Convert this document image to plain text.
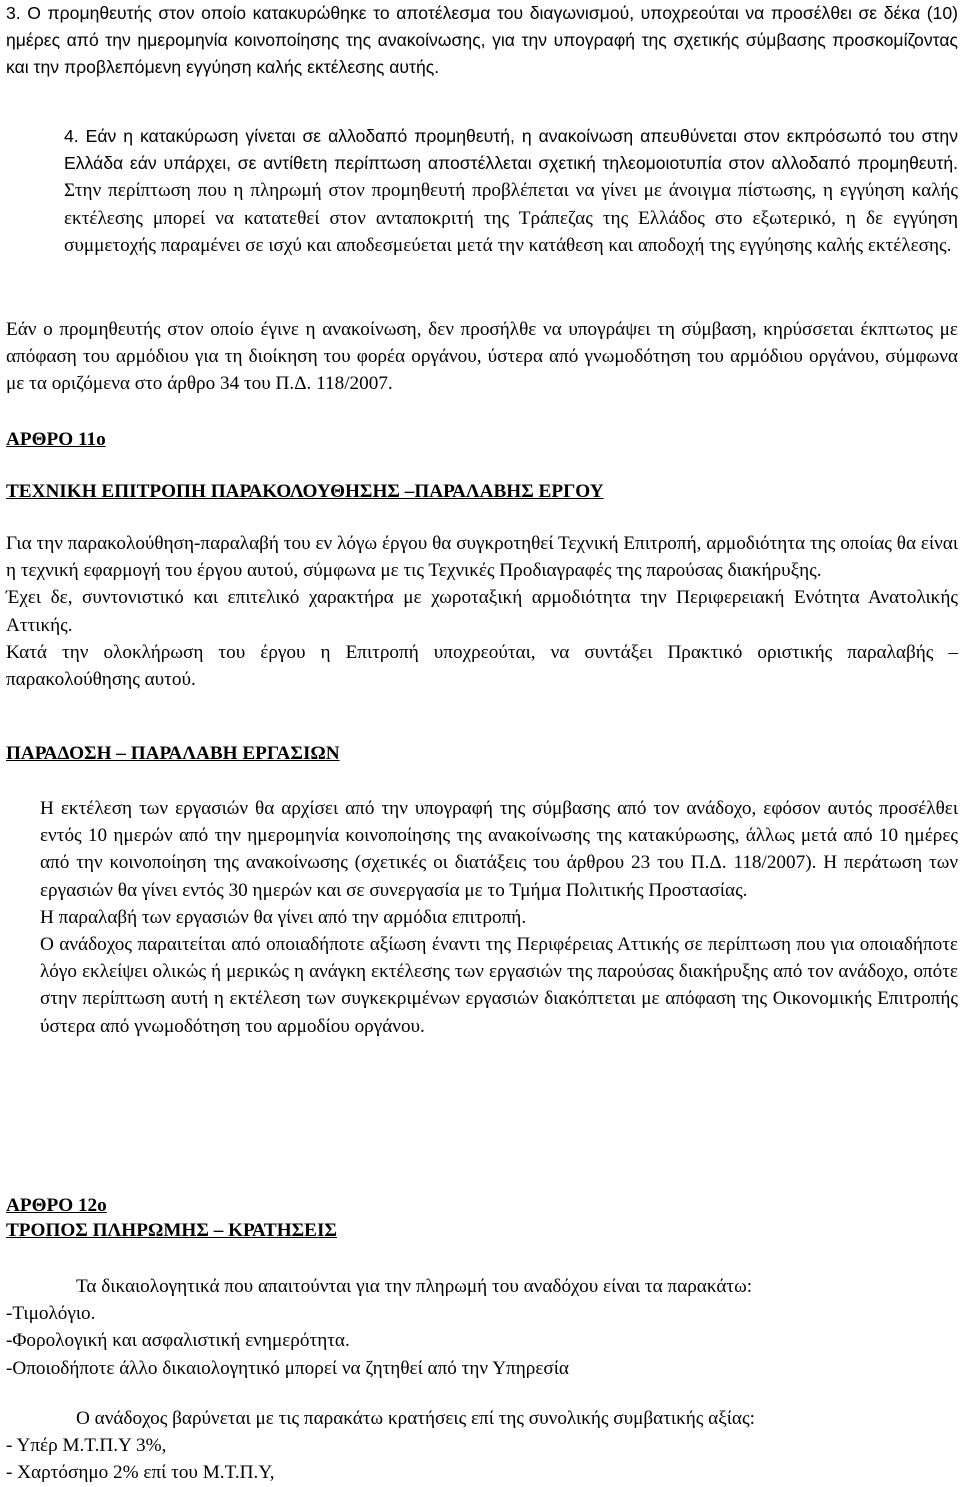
3. Ο προμηθευτής στον οποίο κατακυρώθηκε το αποτέλεσμα του διαγωνισμού, υποχρεούται να προσέλθει σε δέκα (10) ημέρες από την ημερομηνία κοινοποίησης της ανακοίνωσης, για την υπογραφή της σχετικής σύμβασης προσκομίζοντας και την προβλεπόμενη εγγύηση καλής εκτέλεσης αυτής.

4. Εάν η κατακύρωση γίνεται σε αλλοδαπό προμηθευτή, η ανακοίνωση απευθύνεται στον εκπρόσωπό του στην Ελλάδα εάν υπάρχει, σε αντίθετη περίπτωση αποστέλλεται σχετική τηλεομοιοτυπία στον αλλοδαπό προμηθευτή. Στην περίπτωση που η πληρωμή στον προμηθευτή προβλέπεται να γίνει με άνοιγμα πίστωσης, η εγγύηση καλής εκτέλεσης μπορεί να κατατεθεί στον ανταποκριτή της Τράπεζας της Ελλάδος στο εξωτερικό, η δε εγγύηση συμμετοχής παραμένει σε ισχύ και αποδεσμεύεται μετά την κατάθεση και αποδοχή της εγγύησης καλής εκτέλεσης.

Εάν ο προμηθευτής στον οποίο έγινε η ανακοίνωση, δεν προσήλθε να υπογράψει τη σύμβαση, κηρύσσεται έκπτωτος με απόφαση του αρμόδιου για τη διοίκηση του φορέα οργάνου, ύστερα από γνωμοδότηση του αρμόδιου οργάνου, σύμφωνα με τα οριζόμενα στο άρθρο 34 του Π.Δ. 118/2007.

ΑΡΘΡΟ 11ο
ΤΕΧΝΙΚΗ ΕΠΙΤΡΟΠΗ ΠΑΡΑΚΟΛΟΥΘΗΣΗΣ –ΠΑΡΑΛΑΒΗΣ ΕΡΓΟΥ

Για την παρακολούθηση-παραλαβή του εν λόγω έργου θα συγκροτηθεί Τεχνική Επιτροπή, αρμοδιότητα της οποίας θα είναι η τεχνική εφαρμογή του έργου αυτού, σύμφωνα με τις Τεχνικές Προδιαγραφές της παρούσας διακήρυξης.

Έχει δε, συντονιστικό και επιτελικό χαρακτήρα με χωροταξική αρμοδιότητα την Περιφερειακή Ενότητα Ανατολικής Αττικής.

Κατά την ολοκλήρωση του έργου η Επιτροπή υποχρεούται, να συντάξει Πρακτικό οριστικής παραλαβής –παρακολούθησης αυτού.

ΠΑΡΑΔΟΣΗ – ΠΑΡΑΛΑΒΗ ΕΡΓΑΣΙΩΝ

Η εκτέλεση των εργασιών θα αρχίσει από την υπογραφή της σύμβασης από τον ανάδοχο, εφόσον αυτός προσέλθει εντός 10 ημερών από την ημερομηνία κοινοποίησης της ανακοίνωσης της κατακύρωσης, άλλως μετά από 10 ημέρες από την κοινοποίηση της ανακοίνωσης (σχετικές οι διατάξεις του άρθρου 23 του Π.Δ. 118/2007). Η περάτωση των εργασιών θα γίνει εντός 30 ημερών και σε συνεργασία με το Τμήμα Πολιτικής Προστασίας.

Η παραλαβή των εργασιών θα γίνει από την αρμόδια επιτροπή.

Ο ανάδοχος παραιτείται από οποιαδήποτε αξίωση έναντι της Περιφέρειας Αττικής σε περίπτωση που για οποιαδήποτε λόγο εκλείψει ολικώς ή μερικώς η ανάγκη εκτέλεσης των εργασιών της παρούσας διακήρυξης από τον ανάδοχο, οπότε στην περίπτωση αυτή η εκτέλεση των συγκεκριμένων εργασιών διακόπτεται με απόφαση της Οικονομικής Επιτροπής ύστερα από γνωμοδότηση του αρμοδίου οργάνου.

ΑΡΘΡΟ 12ο
ΤΡΟΠΟΣ ΠΛΗΡΩΜΗΣ – ΚΡΑΤΗΣΕΙΣ

Τα δικαιολογητικά που απαιτούνται για την πληρωμή του αναδόχου είναι τα παρακάτω:

-Τιμολόγιο.

-Φορολογική και ασφαλιστική ενημερότητα.

-Οποιοδήποτε άλλο δικαιολογητικό μπορεί να ζητηθεί από την Υπηρεσία

Ο ανάδοχος βαρύνεται με τις παρακάτω κρατήσεις επί της συνολικής συμβατικής αξίας:

- Υπέρ Μ.Τ.Π.Υ 3%,

- Χαρτόσημο 2% επί του Μ.Τ.Π.Υ,
